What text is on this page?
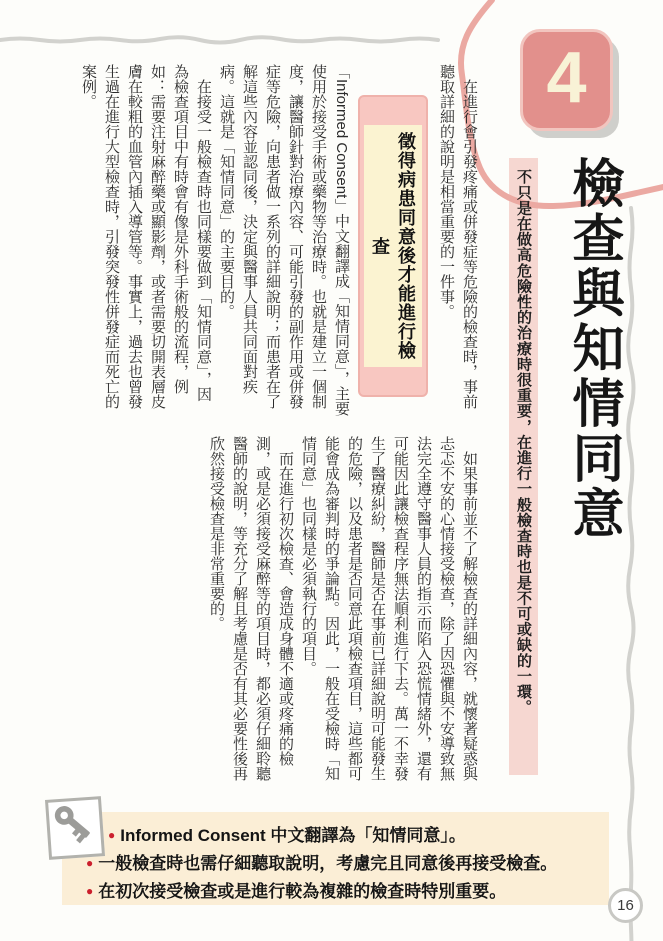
不只是在做高危險性的治療時很重要，在進行一般檢查時也是不可或缺的一環。
4
檢查與知情同意

在進行會引發疼痛或併發症等危險的檢查時，事前聽取詳細的說明是相當重要的一件事。

徵得病患同意後才能進行檢查

「Informed Consent」中文翻譯成「知情同意」，主要使用於接受手術或藥物等治療時。也就是建立一個制度，讓醫師針對治療內容、可能引發的副作用或併發症等危險，向患者做一系列的詳細說明；而患者在了解這些內容並認同後，決定與醫事人員共同面對疾病。這就是「知情同意」的主要目的。

在接受一般檢查時也同樣要做到「知情同意」，因為檢查項目中有時會有像是外科手術般的流程，例如：需要注射麻醉藥或顯影劑，或者需要切開表層皮膚在較粗的血管內插入導管等。事實上，過去也曾發生過在進行大型檢查時，引發突發性併發症而死亡的案例。

如果事前並不了解檢查的詳細內容，就懷著疑惑與忐忑不安的心情接受檢查，除了因恐懼與不安導致無法完全遵守醫事人員的指示而陷入恐慌情緒外，還有可能因此讓檢查程序無法順利進行下去。萬一不幸發生了醫療糾紛，醫師是否在事前已詳細說明可能發生的危險，以及患者是否同意此項檢查項目，這些都可能會成為審判時的爭論點。因此，一般在受檢時「知情同意」也同樣是必須執行的項目。

而在進行初次檢查、會造成身體不適或疼痛的檢測，或是必須接受麻醉等的項目時，都必須仔細聆聽醫師的說明，等充分了解且考慮是否有其必要性後再欣然接受檢查是非常重要的。

● Informed Consent 中文翻譯為「知情同意」。
● 一般檢查時也需仔細聽取說明，考慮完且同意後再接受檢查。
● 在初次接受檢查或是進行較為複雜的檢查時特別重要。
16
